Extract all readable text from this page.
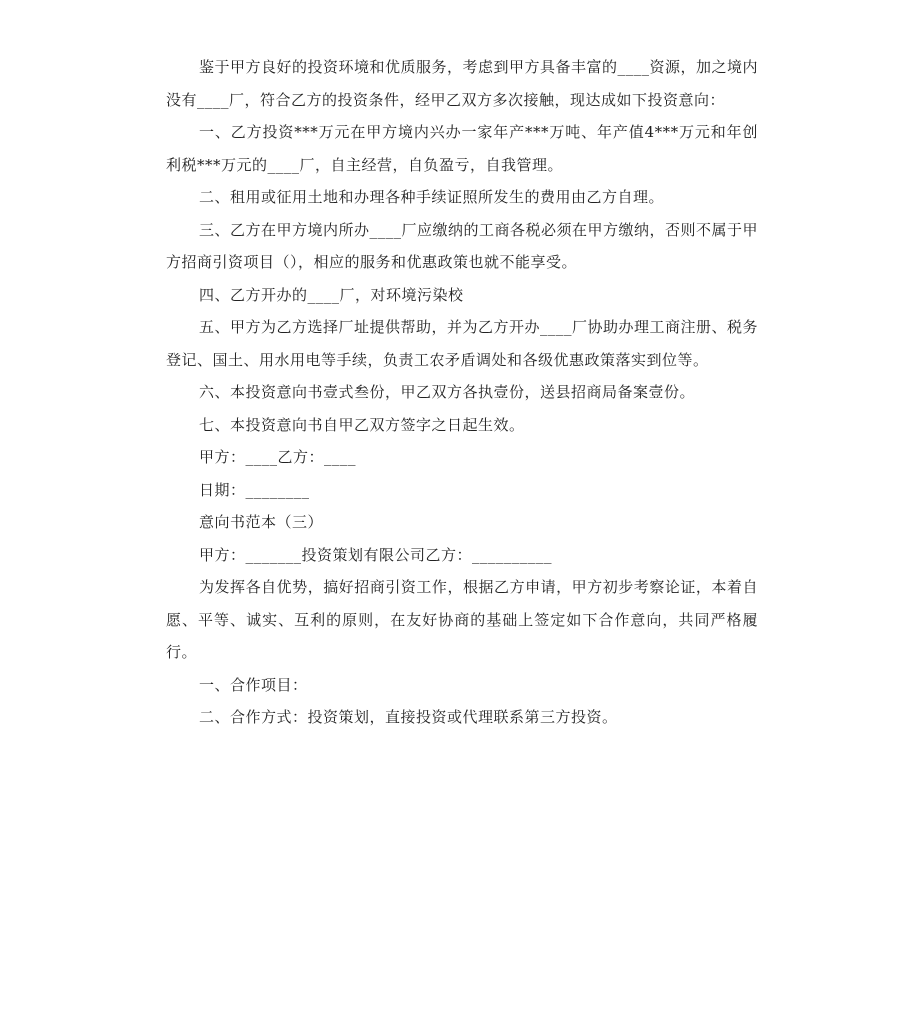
鉴于甲方良好的投资环境和优质服务，考虑到甲方具备丰富的____资源，加之境内没有____厂，符合乙方的投资条件，经甲乙双方多次接触，现达成如下投资意向：

一、乙方投资***万元在甲方境内兴办一家年产***万吨、年产值4***万元和年创利税***万元的____厂，自主经营，自负盈亏，自我管理。

二、租用或征用土地和办理各种手续证照所发生的费用由乙方自理。

三、乙方在甲方境内所办____厂应缴纳的工商各税必须在甲方缴纳，否则不属于甲方招商引资项目（），相应的服务和优惠政策也就不能享受。

四、乙方开办的____厂，对环境污染校

五、甲方为乙方选择厂址提供帮助，并为乙方开办____厂协助办理工商注册、税务登记、国土、用水用电等手续，负责工农矛盾调处和各级优惠政策落实到位等。

六、本投资意向书壹式叁份，甲乙双方各执壹份，送县招商局备案壹份。

七、本投资意向书自甲乙双方签字之日起生效。

甲方：____乙方：____

日期：________

意向书范本（三）

甲方：_______投资策划有限公司乙方：__________

为发挥各自优势，搞好招商引资工作，根据乙方申请，甲方初步考察论证，本着自愿、平等、诚实、互利的原则，在友好协商的基础上签定如下合作意向，共同严格履行。

一、合作项目：

二、合作方式：投资策划，直接投资或代理联系第三方投资。
